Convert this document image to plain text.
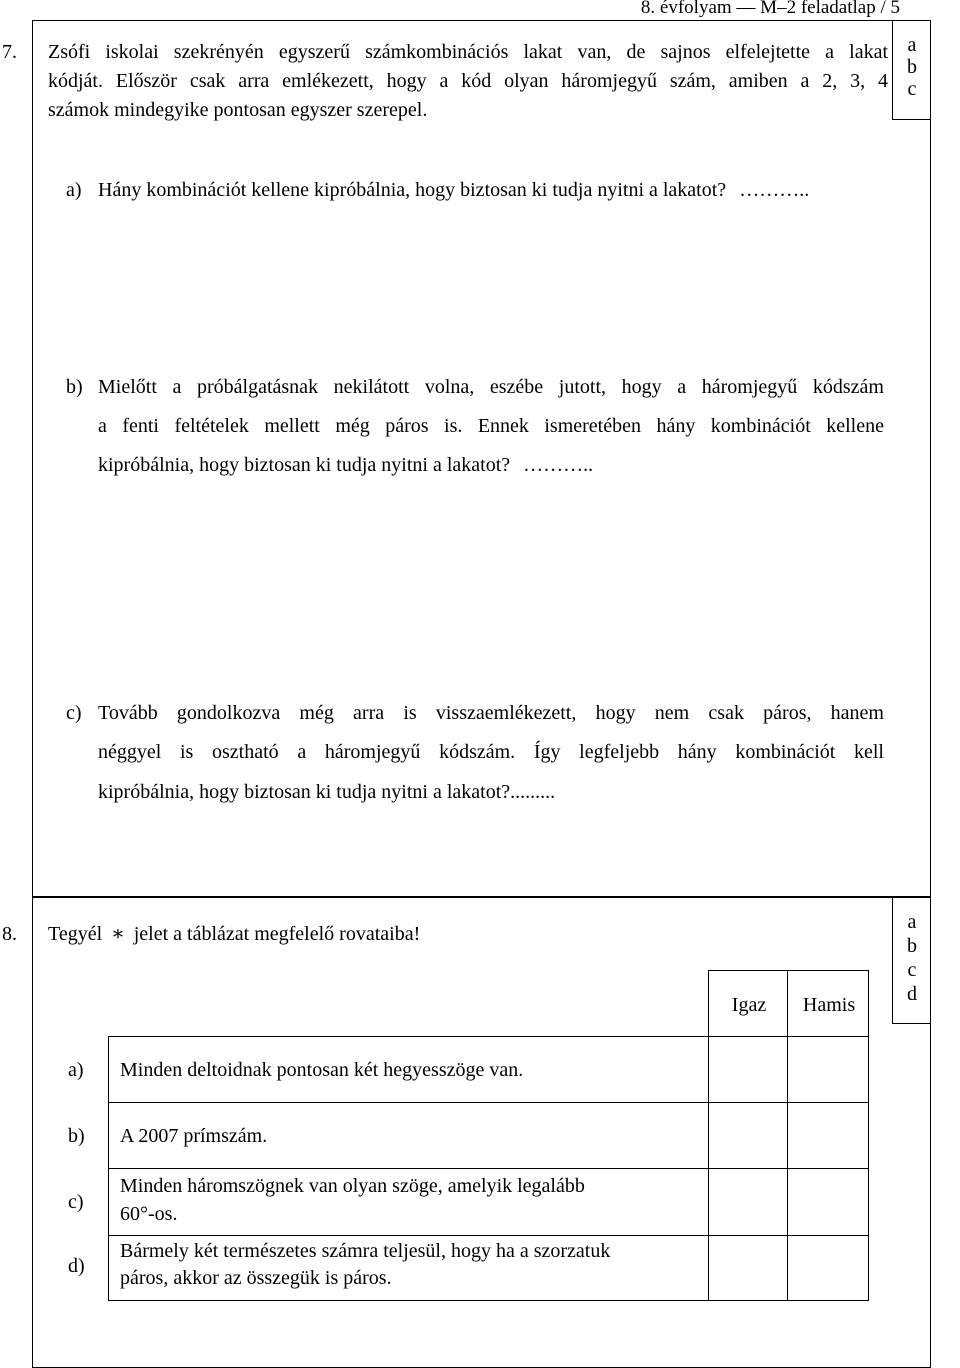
8. évfolyam — M–2 feladatlap / 5
7. Zsófi iskolai szekrényén egyszerű számkombinációs lakat van, de sajnos elfelejtette a lakat
kódját. Először csak arra emlékezett, hogy a kód olyan háromjegyű szám, amiben a 2, 3, 4
számok mindegyike pontosan egyszer szerepel.
a
b
c
a) Hány kombinációt kellene kipróbálnia, hogy biztosan ki tudja nyitni a lakatot? ………..
b) Mielőtt a próbálgatásnak nekilátott volna, eszébe jutott, hogy a háromjegyű kódszám
a fenti feltételek mellett még páros is. Ennek ismeretében hány kombinációt kellene
kipróbálnia, hogy biztosan ki tudja nyitni a lakatot? ………..
c) Tovább gondolkozva még arra is visszaemlékezett, hogy nem csak páros, hanem
néggyel is osztható a háromjegyű kódszám. Így legfeljebb hány kombinációt kell
kipróbálnia, hogy biztosan ki tudja nyitni a lakatot?.........
8. Tegyél ∗ jelet a táblázat megfelelő rovataiba!
a
b
c
d
Igaz	Hamis
a) Minden deltoidnak pontosan két hegyesszöge van.
b) A 2007 prímszám.
c)
Minden háromszögnek van olyan szöge, amelyik legalább
60°-os.
d)
Bármely két természetes számra teljesül, hogy ha a szorzatuk
páros, akkor az összegük is páros.
